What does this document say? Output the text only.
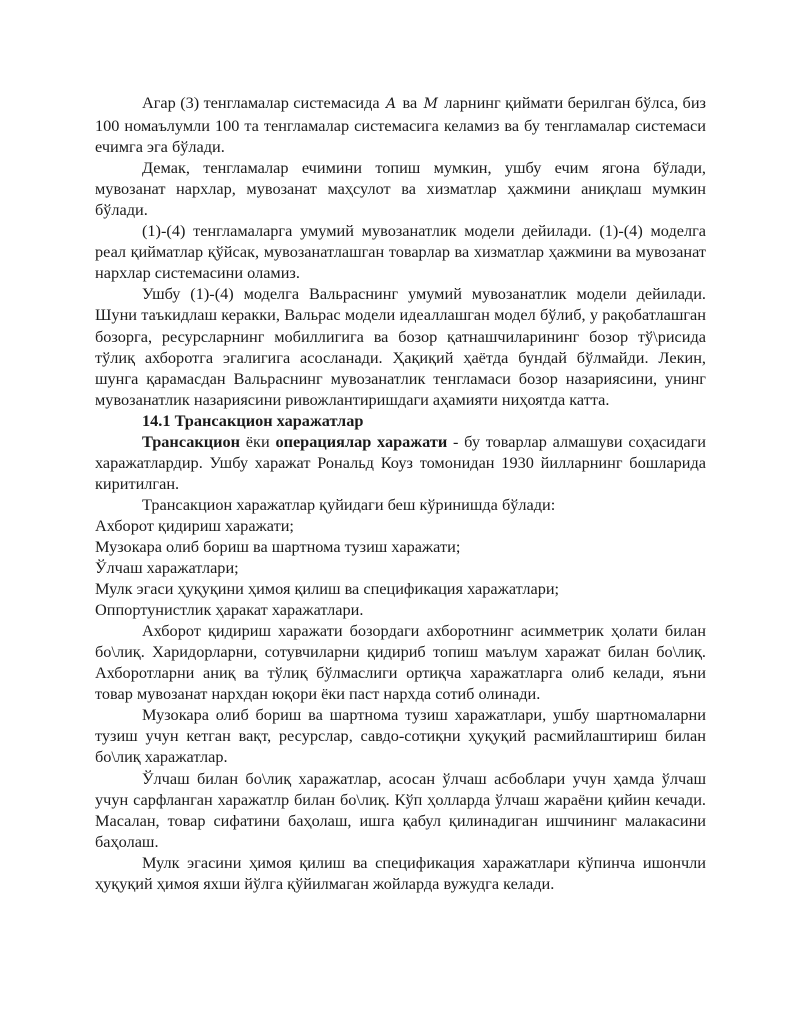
Агар (3) тенгламалар системасида A ва M ларнинг қиймати берилган бўлса, биз 100 номаълумли 100 та тенгламалар системасига келамиз ва бу тенгламалар системаси ечимга эга бўлади.

Демак, тенгламалар ечимини топиш мумкин, ушбу ечим ягона бўлади, мувозанат нархлар, мувозанат маҳсулот ва хизматлар ҳажмини аниқлаш мумкин бўлади.

(1)-(4) тенгламаларга умумий мувозанатлик модели дейилади. (1)-(4) моделга реал қийматлар қўйсак, мувозанатлашган товарлар ва хизматлар ҳажмини ва мувозанат нархлар системасини оламиз.

Ушбу (1)-(4) моделга Вальраснинг умумий мувозанатлик модели дейилади. Шуни таъкидлаш керакки, Вальрас модели идеаллашган модел бўлиб, у рақобатлашган бозорга, ресурсларнинг мобиллигига ва бозор қатнашчиларининг бозор тў\рисида тўлиқ ахборотга эгалигига асосланади. Ҳақиқий ҳаётда бундай бўлмайди. Лекин, шунга қарамасдан Вальраснинг мувозанатлик тенгламаси бозор назариясини, унинг мувозанатлик назариясини ривожлантиришдаги аҳамияти ниҳоятда катта.

14.1 Трансакцион харажатлар

Трансакцион ёки операциялар харажати - бу товарлар алмашуви соҳасидаги харажатлардир. Ушбу харажат Рональд Коуз томонидан 1930 йилларнинг бошларида киритилган.

Трансакцион харажатлар қуйидаги беш кўринишда бўлади:

Ахборот қидириш харажати;

Музокара олиб бориш ва шартнома тузиш харажати;

Ўлчаш харажатлари;

Мулк эгаси ҳуқуқини ҳимоя қилиш ва спецификация харажатлари;

Оппортунистлик ҳаракат харажатлари.

Ахборот қидириш харажати бозордаги ахборотнинг асимметрик ҳолати билан бо\лиқ. Харидорларни, сотувчиларни қидириб топиш маълум харажат билан бо\лиқ. Ахборотларни аниқ ва тўлиқ бўлмаслиги ортиқча харажатларга олиб келади, яъни товар мувозанат нархдан юқори ёки паст нархда сотиб олинади.

Музокара олиб бориш ва шартнома тузиш харажатлари, ушбу шартномаларни тузиш учун кетган вақт, ресурслар, савдо-сотиқни ҳуқуқий расмийлаштириш билан бо\лиқ харажатлар.

Ўлчаш билан бо\лиқ харажатлар, асосан ўлчаш асбоблари учун ҳамда ўлчаш учун сарфланган харажатлр билан бо\лиқ. Кўп ҳолларда ўлчаш жараёни қийин кечади. Масалан, товар сифатини баҳолаш, ишга қабул қилинадиган ишчининг малакасини баҳолаш.

Мулк эгасини ҳимоя қилиш ва спецификация харажатлари кўпинча ишончли ҳуқуқий ҳимоя яхши йўлга қўйилмаган жойларда вужудга келади.
